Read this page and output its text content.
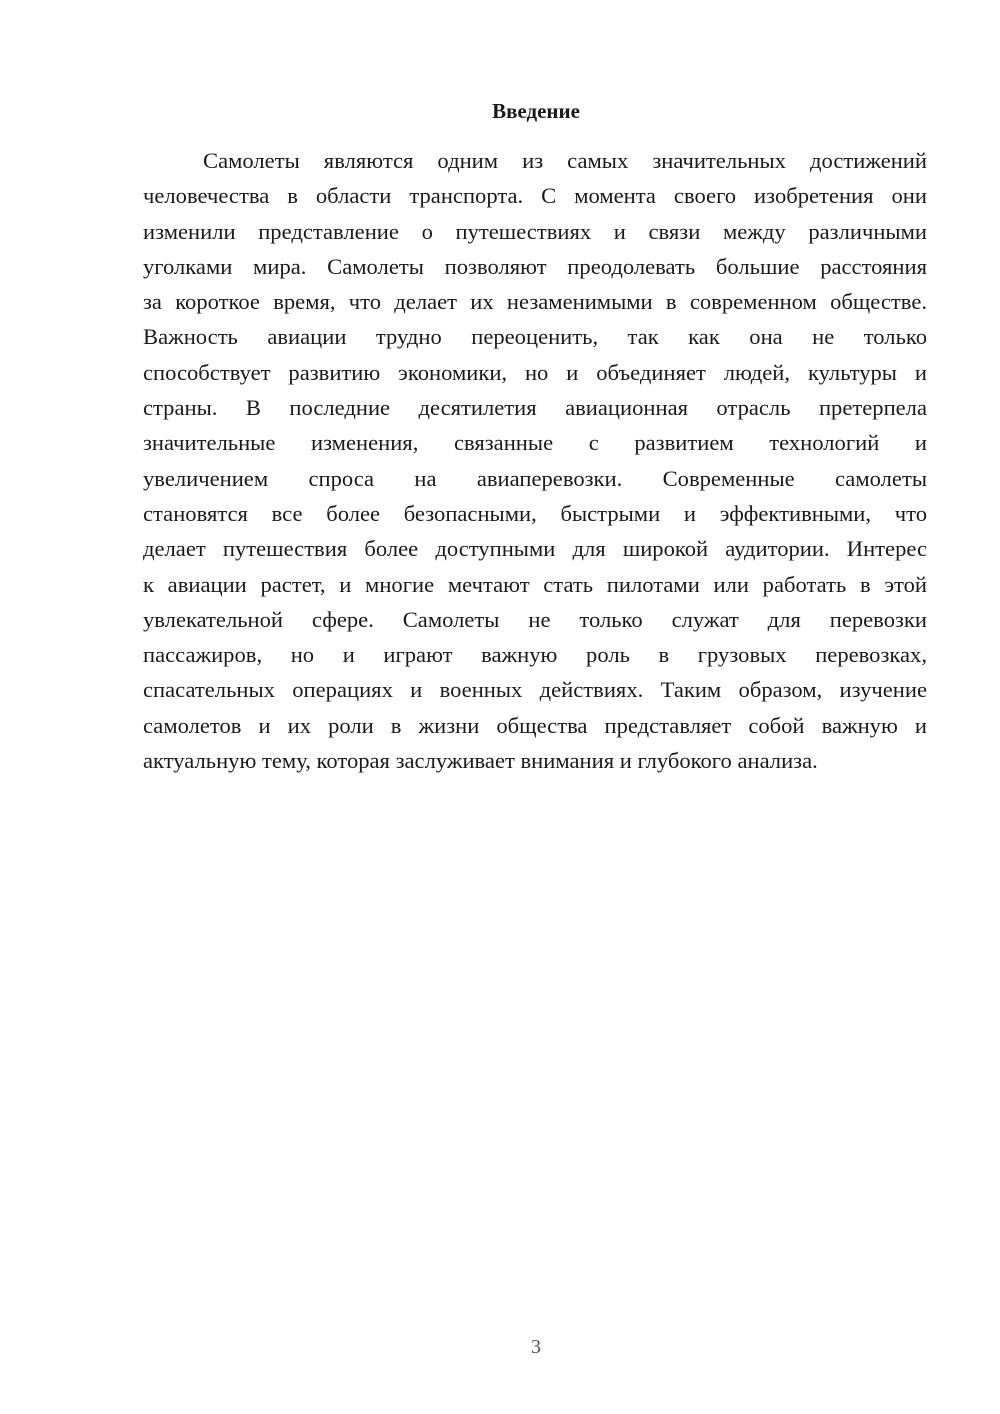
Введение
Самолеты являются одним из самых значительных достижений
человечества в области транспорта. С момента своего изобретения они
изменили представление о путешествиях и связи между различными
уголками мира. Самолеты позволяют преодолевать большие расстояния
за короткое время, что делает их незаменимыми в современном обществе.
Важность авиации трудно переоценить, так как она не только
способствует развитию экономики, но и объединяет людей, культуры и
страны. В последние десятилетия авиационная отрасль претерпела
значительные изменения, связанные с развитием технологий и
увеличением спроса на авиаперевозки. Современные самолеты
становятся все более безопасными, быстрыми и эффективными, что
делает путешествия более доступными для широкой аудитории. Интерес
к авиации растет, и многие мечтают стать пилотами или работать в этой
увлекательной сфере. Самолеты не только служат для перевозки
пассажиров, но и играют важную роль в грузовых перевозках,
спасательных операциях и военных действиях. Таким образом, изучение
самолетов и их роли в жизни общества представляет собой важную и
актуальную тему, которая заслуживает внимания и глубокого анализа.
3
